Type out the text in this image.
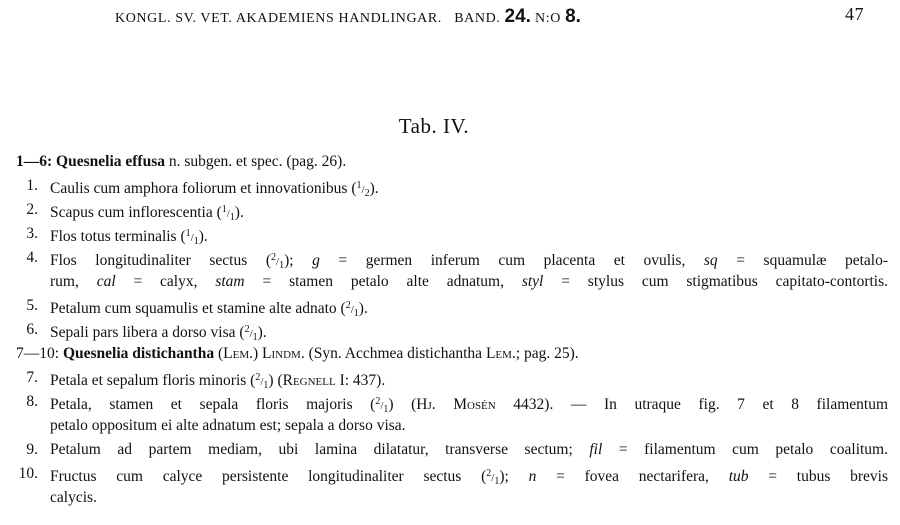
KONGL. SV. VET. AKADEMIENS HANDLINGAR. BAND. 24. N:O 8.	47
Tab. IV.
1—6: Quesnelia effusa n. subgen. et spec. (pag. 26).
1. Caulis cum amphora foliorum et innovationibus $(^1/_2)$.
2. Scapus cum inflorescentia $(^1/_1)$.
3. Flos totus terminalis $(^1/_1)$.
4. Flos longitudinaliter sectus $(^2/_1)$; g = germen inferum cum placenta et ovulis, sq = squamulæ petalo-
rum, cal = calyx, stam = stamen petalo alte adnatum, styl = stylus cum stigmatibus capitato-contortis.
5. Petalum cum squamulis et stamine alte adnato $(^2/_1)$.
6. Sepali pars libera a dorso visa $(^2/_1)$.
7—10: Quesnelia distichantha (Lem.) Lindm. (Syn. Acchmea distichantha Lem.; pag. 25).
7. Petala et sepalum floris minoris $(^2/_1)$ (Regnell I: 437).
8. Petala, stamen et sepala floris majoris $(^2/_1)$ (Hj. Mosén 4432). — In utraque fig. 7 et 8 filamentum
petalo oppositum ei alte adnatum est; sepala a dorso visa.
9. Petalum ad partem mediam, ubi lamina dilatatur, transverse sectum; fil = filamentum cum petalo coalitum.
10. Fructus cum calyce persistente longitudinaliter sectus $(^2/_1)$; n = fovea nectarifera, tub = tubus brevis
calycis.
